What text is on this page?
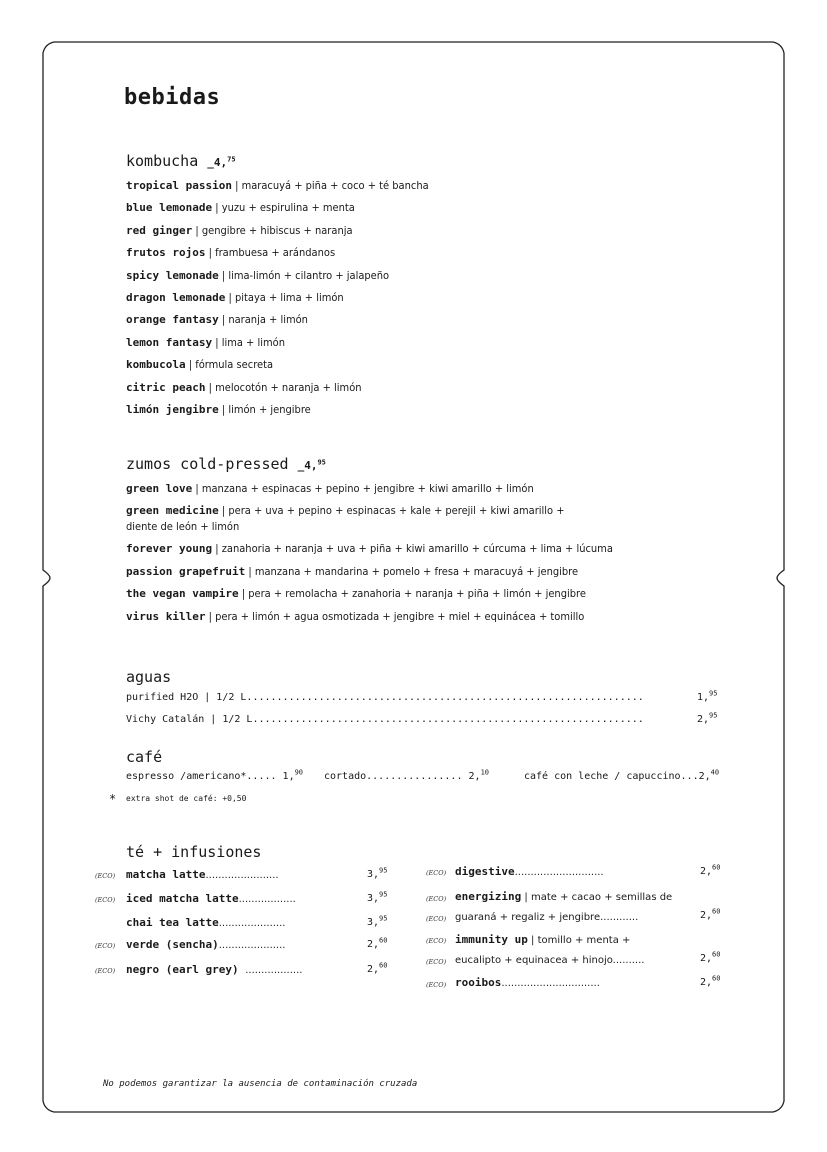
bebidas
kombucha _4,75
tropical passion | maracuyá + piña + coco + té bancha
blue lemonade | yuzu + espirulina + menta
red ginger | gengibre + hibiscus + naranja
frutos rojos | frambuesa + arándanos
spicy lemonade | lima-limón + cilantro + jalapeño
dragon lemonade | pitaya + lima + limón
orange fantasy | naranja + limón
lemon fantasy | lima + limón
kombucola | fórmula secreta
citric peach | melocotón + naranja + limón
limón jengibre | limón + jengibre
zumos cold-pressed _4,95
green love | manzana + espinacas + pepino + jengibre + kiwi amarillo + limón
green medicine | pera + uva + pepino + espinacas + kale + perejil + kiwi amarillo +
diente de león + limón
forever young | zanahoria + naranja + uva + piña + kiwi amarillo + cúrcuma + lima + lúcuma
passion grapefruit | manzana + mandarina + pomelo + fresa + maracuyá + jengibre
the vegan vampire | pera + remolacha + zanahoria + naranja + piña + limón + jengibre
virus killer | pera + limón + agua osmotizada + jengibre + miel + equinácea + tomillo
aguas
purified H2O | 1/2 L..................................................................	1,95
Vichy Catalán | 1/2 L.................................................................	2,95
café
espresso /americano*..... 1,90 cortado................ 2,10	café con leche / capuccino...2,40
* extra shot de café: +0,50
té + infusiones
(ECO) matcha latte.......................	3,95
(ECO) iced matcha latte..................	3,95
chai tea latte.....................	3,95
(ECO) verde (sencha).....................	2,60
(ECO) negro (earl grey) ..................	2,60
(ECO) digestive............................	2,60
(ECO) energizing | mate + cacao + semillas de
(ECO) guaraná + regaliz + jengibre............	2,60
(ECO) immunity up | tomillo + menta +
(ECO) eucalipto + equinacea + hinojo..........	2,60
(ECO) rooibos...............................	2,60
No podemos garantizar la ausencia de contaminación cruzada
